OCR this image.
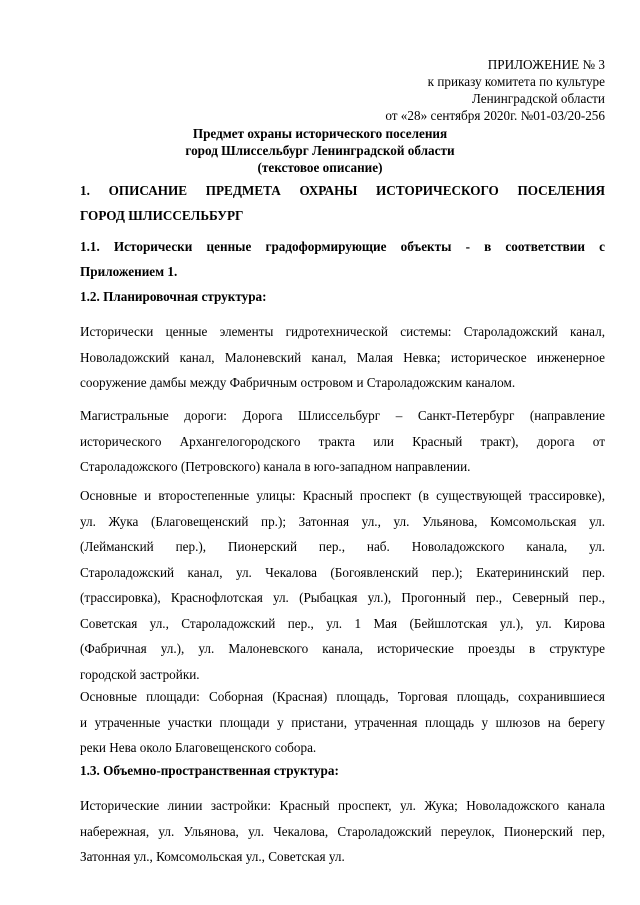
ПРИЛОЖЕНИЕ № 3
к приказу комитета по культуре
Ленинградской области
от «28» сентября 2020г. №01-03/20-256
Предмет охраны исторического поселения
город Шлиссельбург Ленинградской области
(текстовое описание)
1. ОПИСАНИЕ ПРЕДМЕТА ОХРАНЫ ИСТОРИЧЕСКОГО ПОСЕЛЕНИЯ
ГОРОД ШЛИССЕЛЬБУРГ
1.1. Исторически ценные градоформирующие объекты - в соответствии с
Приложением 1.
1.2. Планировочная структура:
Исторически ценные элементы гидротехнической системы: Староладожский канал,
Новоладожский канал, Малоневский канал, Малая Невка; историческое инженерное
сооружение дамбы между Фабричным островом и Староладожским каналом.
Магистральные дороги: Дорога Шлиссельбург – Санкт-Петербург (направление
исторического Архангелогородского тракта или Красный тракт), дорога от
Староладожского (Петровского) канала в юго-западном направлении.
Основные и второстепенные улицы: Красный проспект (в существующей трассировке),
ул. Жука (Благовещенский пр.); Затонная ул., ул. Ульянова, Комсомольская ул.
(Лейманский пер.), Пионерский пер., наб. Новоладожского канала, ул.
Староладожский канал, ул. Чекалова (Богоявленский пер.); Екатерининский пер.
(трассировка), Краснофлотская ул. (Рыбацкая ул.), Прогонный пер., Северный пер.,
Советская ул., Староладожский пер., ул. 1 Мая (Бейшлотская ул.), ул. Кирова
(Фабричная ул.), ул. Малоневского канала, исторические проезды в структуре
городской застройки.
Основные площади: Соборная (Красная) площадь, Торговая площадь, сохранившиеся
и утраченные участки площади у пристани, утраченная площадь у шлюзов на берегу
реки Нева около Благовещенского собора.
1.3. Объемно-пространственная структура:
Исторические линии застройки: Красный проспект, ул. Жука; Новоладожского канала
набережная, ул. Ульянова, ул. Чекалова, Староладожский переулок, Пионерский пер,
Затонная ул., Комсомольская ул., Советская ул.
